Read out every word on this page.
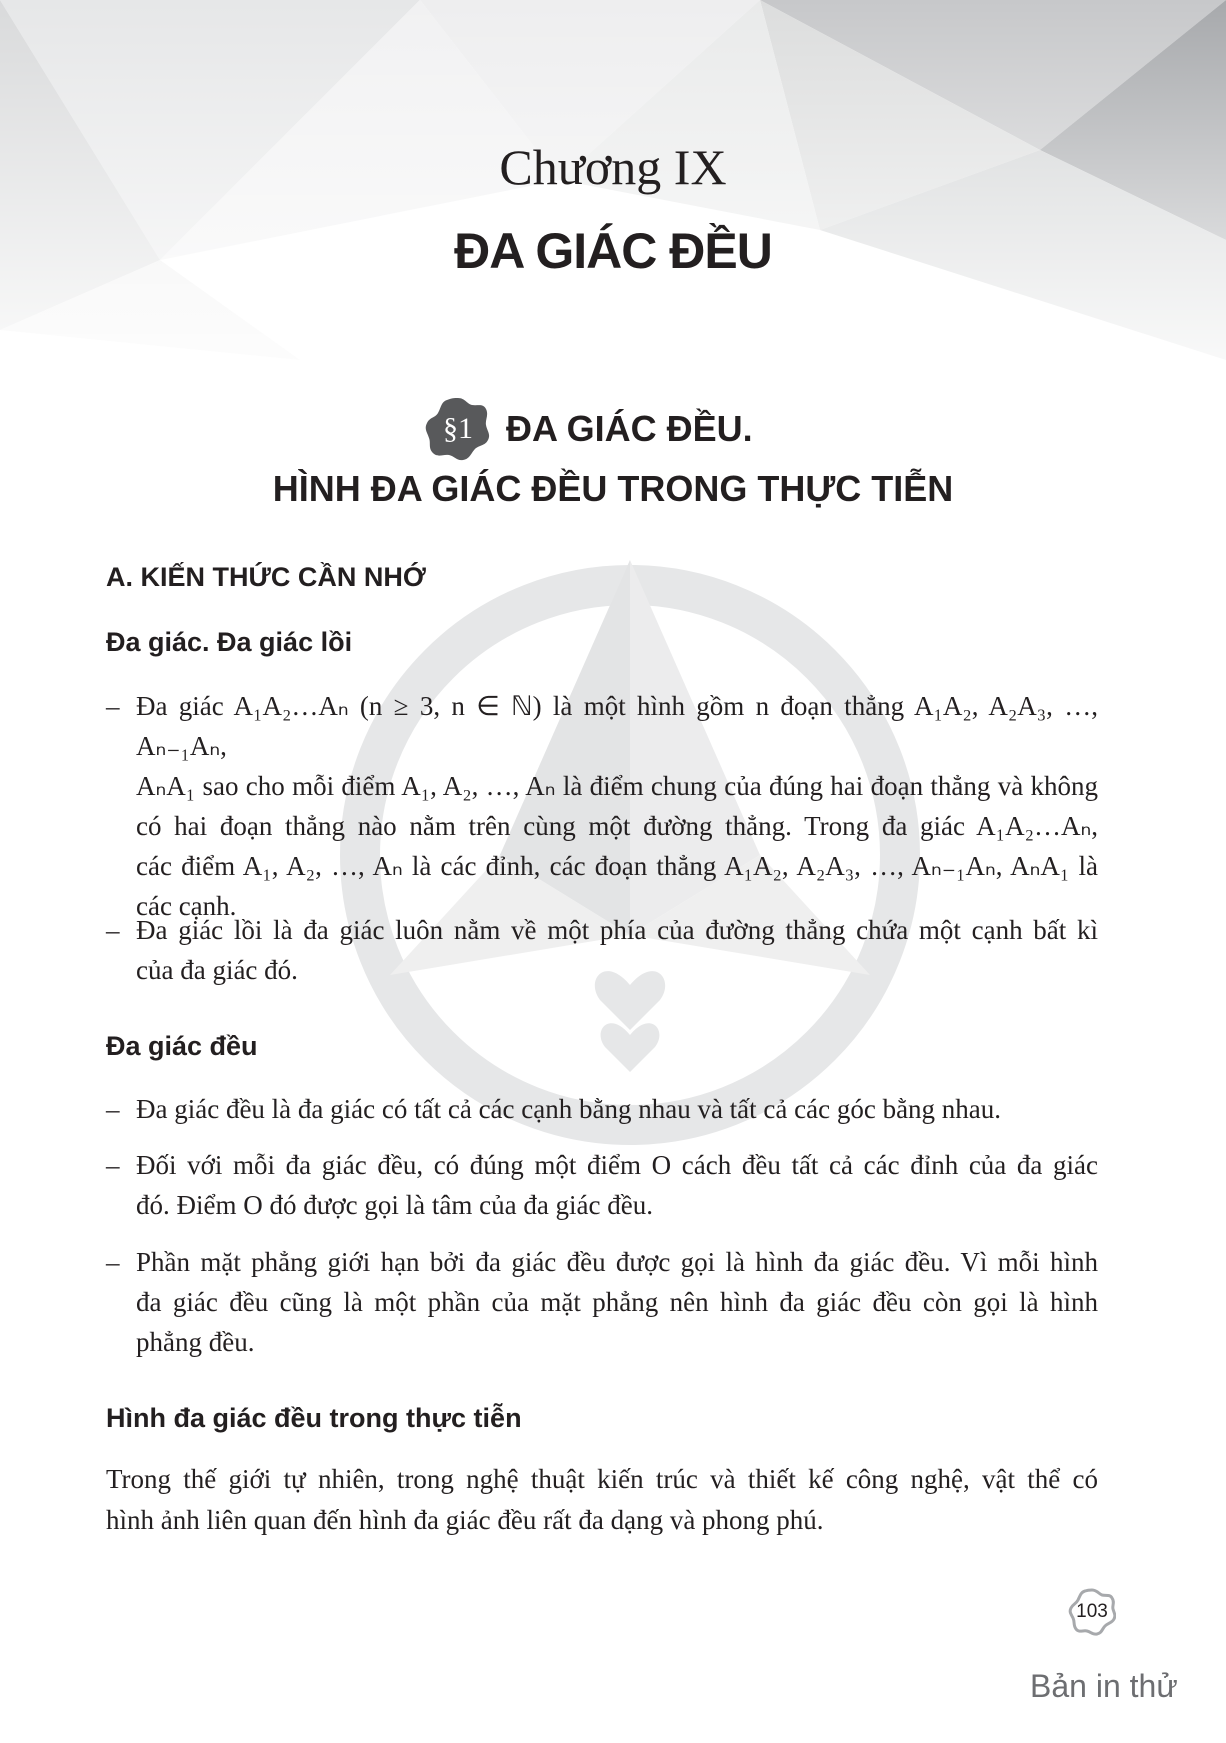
Chương IX
ĐA GIÁC ĐỀU
§1 ĐA GIÁC ĐỀU.
HÌNH ĐA GIÁC ĐỀU TRONG THỰC TIỄN
A. KIẾN THỨC CẦN NHỚ
Đa giác. Đa giác lồi
– Đa giác A₁A₂…Aₙ (n ≥ 3, n ∈ ℕ) là một hình gồm n đoạn thẳng A₁A₂, A₂A₃, …, Aₙ₋₁Aₙ,
AₙA₁ sao cho mỗi điểm A₁, A₂, …, Aₙ là điểm chung của đúng hai đoạn thẳng và không
có hai đoạn thẳng nào nằm trên cùng một đường thẳng. Trong đa giác A₁A₂…Aₙ,
các điểm A₁, A₂, …, Aₙ là các đỉnh, các đoạn thẳng A₁A₂, A₂A₃, …, Aₙ₋₁Aₙ, AₙA₁ là
các cạnh.
– Đa giác lồi là đa giác luôn nằm về một phía của đường thẳng chứa một cạnh bất kì
của đa giác đó.
Đa giác đều
– Đa giác đều là đa giác có tất cả các cạnh bằng nhau và tất cả các góc bằng nhau.
– Đối với mỗi đa giác đều, có đúng một điểm O cách đều tất cả các đỉnh của đa giác
đó. Điểm O đó được gọi là tâm của đa giác đều.
– Phần mặt phẳng giới hạn bởi đa giác đều được gọi là hình đa giác đều. Vì mỗi hình
đa giác đều cũng là một phần của mặt phẳng nên hình đa giác đều còn gọi là hình
phẳng đều.
Hình đa giác đều trong thực tiễn
Trong thế giới tự nhiên, trong nghệ thuật kiến trúc và thiết kế công nghệ, vật thể có
hình ảnh liên quan đến hình đa giác đều rất đa dạng và phong phú.
103
Bản in thử
